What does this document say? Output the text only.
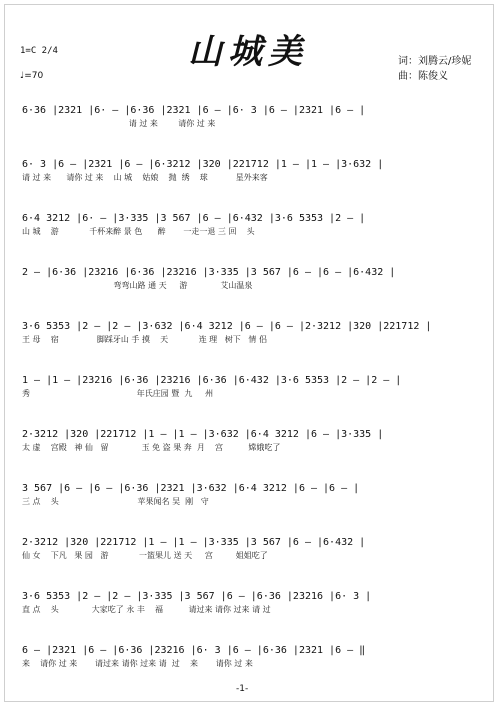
1=C 2/4
♩=70
山城美	词：刘腾云/珍妮
曲：陈俊义
6·36 |2321 |6· – |6·36 |2321 |6 – |6· 3 |6 – |2321 |6 – |
请 过 来        请你 过 来
6· 3 |6 – |2321 |6 – |6·3212 |320 |221712 |1 – |1 – |3·632 |
请 过 来      请你 过 来    山 城    姑娘    抛  绣    球           星外来客
6·4 3212 |6· – |3·335 |3 567 |6 – |6·432 |3·6 5353 |2 – |
山 城    游            千杯来醉 景 色      醉       一走一退 三 回    头
2 – |6·36 |23216 |6·36 |23216 |3·335 |3 567 |6 – |6 – |6·432 |
弯弯山路 通 天     游             艾山温泉
3·6 5353 |2 – |2 – |3·632 |6·4 3212 |6 – |6 – |2·3212 |320 |221712 |
王 母    宿               脚踩牙山 手 摸    天            连 理   树下   情 侣
1 – |1 – |23216 |6·36 |23216 |6·36 |6·432 |3·6 5353 |2 – |2 – |
秀                                          年氏庄园 暨  九     州
2·3212 |320 |221712 |1 – |1 – |3·632 |6·4 3212 |6 – |3·335 |
太 虚    宫殿   神 仙   留             玉 免 盗 果 奔  月    宫          嫦娥吃了
3 567 |6 – |6 – |6·36 |2321 |3·632 |6·4 3212 |6 – |6 – |
三 点    头                               苹果闻名 吴  刚   守
2·3212 |320 |221712 |1 – |1 – |3·335 |3 567 |6 – |6·432 |
仙 女    下凡   果 园   游            一篮果儿 送 天     宫         姐姐吃了
3·6 5353 |2 – |2 – |3·335 |3 567 |6 – |6·36 |23216 |6· 3 |
直 点    头             大家吃了 永 丰    福          请过来 请你 过来 请 过
6 – |2321 |6 – |6·36 |23216 |6· 3 |6 – |6·36 |2321 |6 – ‖
来    请你 过 来       请过来 请你 过来 请  过    来       请你 过 来
-1-
